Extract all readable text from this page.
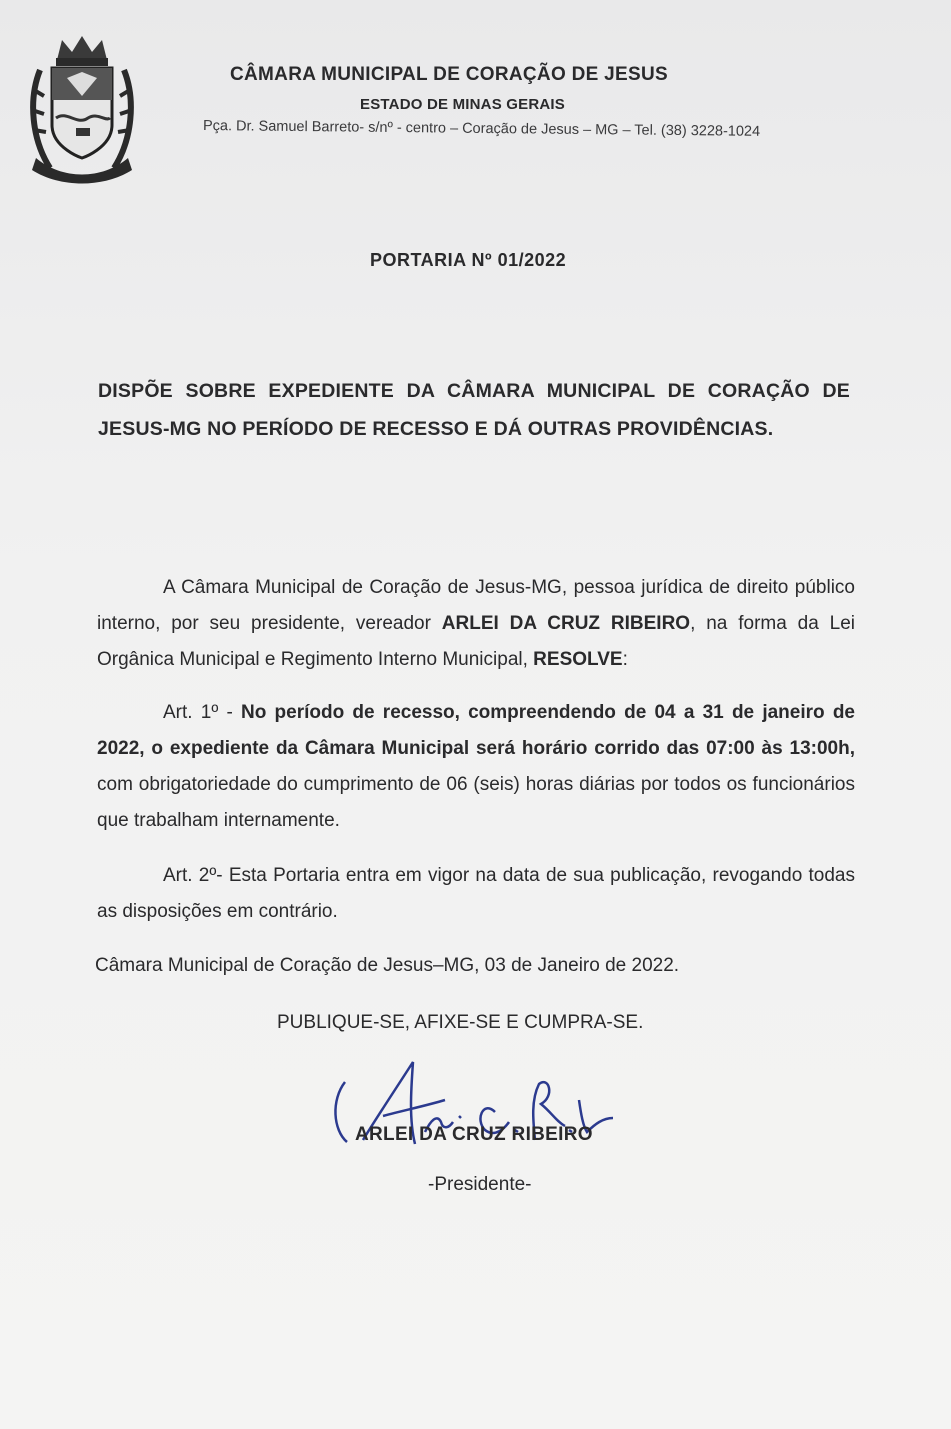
CÂMARA MUNICIPAL DE CORAÇÃO DE JESUS
ESTADO DE MINAS GERAIS
Pça. Dr. Samuel Barreto- s/nº - centro – Coração de Jesus – MG – Tel. (38) 3228-1024
PORTARIA Nº 01/2022
DISPÕE SOBRE EXPEDIENTE DA CÂMARA MUNICIPAL DE CORAÇÃO DE JESUS-MG NO PERÍODO DE RECESSO E DÁ OUTRAS PROVIDÊNCIAS.
A Câmara Municipal de Coração de Jesus-MG, pessoa jurídica de direito público interno, por seu presidente, vereador ARLEI DA CRUZ RIBEIRO, na forma da Lei Orgânica Municipal e Regimento Interno Municipal, RESOLVE:
Art. 1º - No período de recesso, compreendendo de 04 a 31 de janeiro de 2022, o expediente da Câmara Municipal será horário corrido das 07:00 às 13:00h, com obrigatoriedade do cumprimento de 06 (seis) horas diárias por todos os funcionários que trabalham internamente.
Art. 2º- Esta Portaria entra em vigor na data de sua publicação, revogando todas as disposições em contrário.
Câmara Municipal de Coração de Jesus–MG, 03 de Janeiro de 2022.
PUBLIQUE-SE, AFIXE-SE E CUMPRA-SE.
ARLEI DA CRUZ RIBEIRO
-Presidente-
